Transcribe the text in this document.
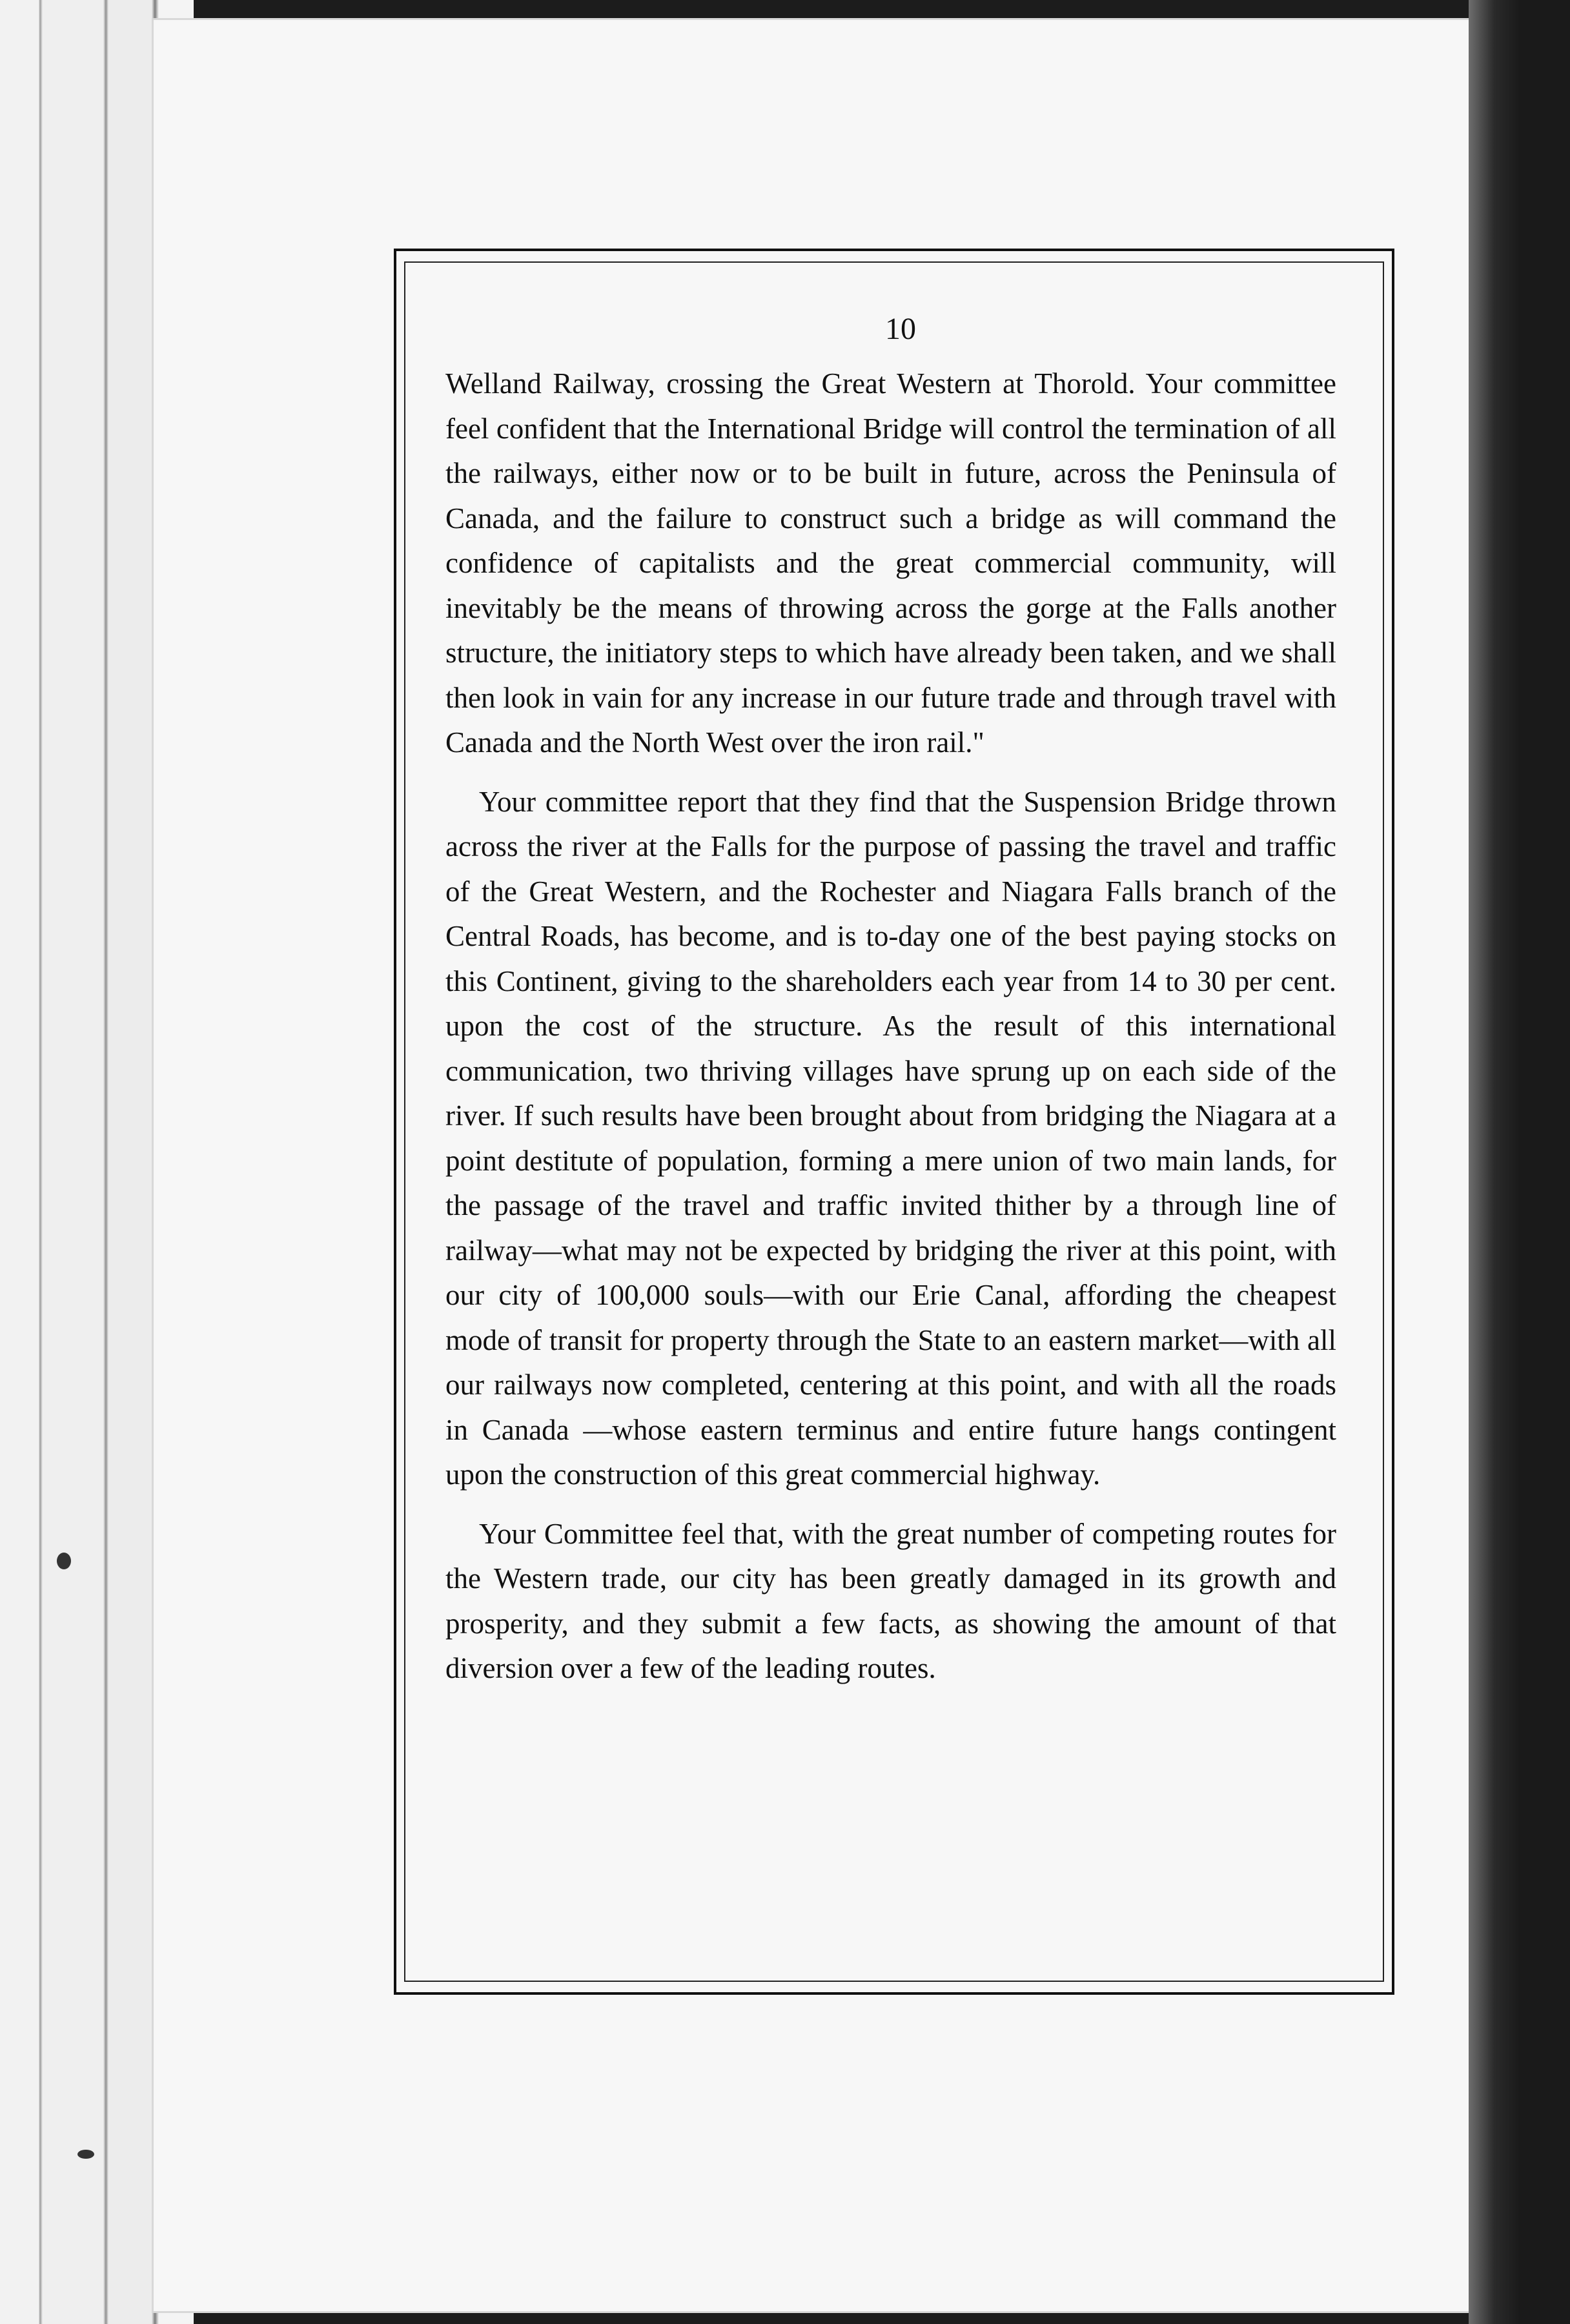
10

Welland Railway, crossing the Great Western at Thorold. Your committee feel confident that the International Bridge will control the termination of all the railways, either now or to be built in future, across the Peninsula of Canada, and the failure to construct such a bridge as will command the confidence of capitalists and the great commercial community, will inevitably be the means of throwing across the gorge at the Falls another structure, the initiatory steps to which have already been taken, and we shall then look in vain for any increase in our future trade and through travel with Canada and the North West over the iron rail."

Your committee report that they find that the Suspension Bridge thrown across the river at the Falls for the purpose of passing the travel and traffic of the Great Western, and the Rochester and Niagara Falls branch of the Central Roads, has become, and is to-day one of the best paying stocks on this Continent, giving to the shareholders each year from 14 to 30 per cent. upon the cost of the structure. As the result of this international communication, two thriving villages have sprung up on each side of the river. If such results have been brought about from bridging the Niagara at a point destitute of population, forming a mere union of two main lands, for the passage of the travel and traffic invited thither by a through line of railway—what may not be expected by bridging the river at this point, with our city of 100,000 souls—with our Erie Canal, affording the cheapest mode of transit for property through the State to an eastern market—with all our railways now completed, centering at this point, and with all the roads in Canada —whose eastern terminus and entire future hangs contingent upon the construction of this great commercial highway.

Your Committee feel that, with the great number of competing routes for the Western trade, our city has been greatly damaged in its growth and prosperity, and they submit a few facts, as showing the amount of that diversion over a few of the leading routes.
